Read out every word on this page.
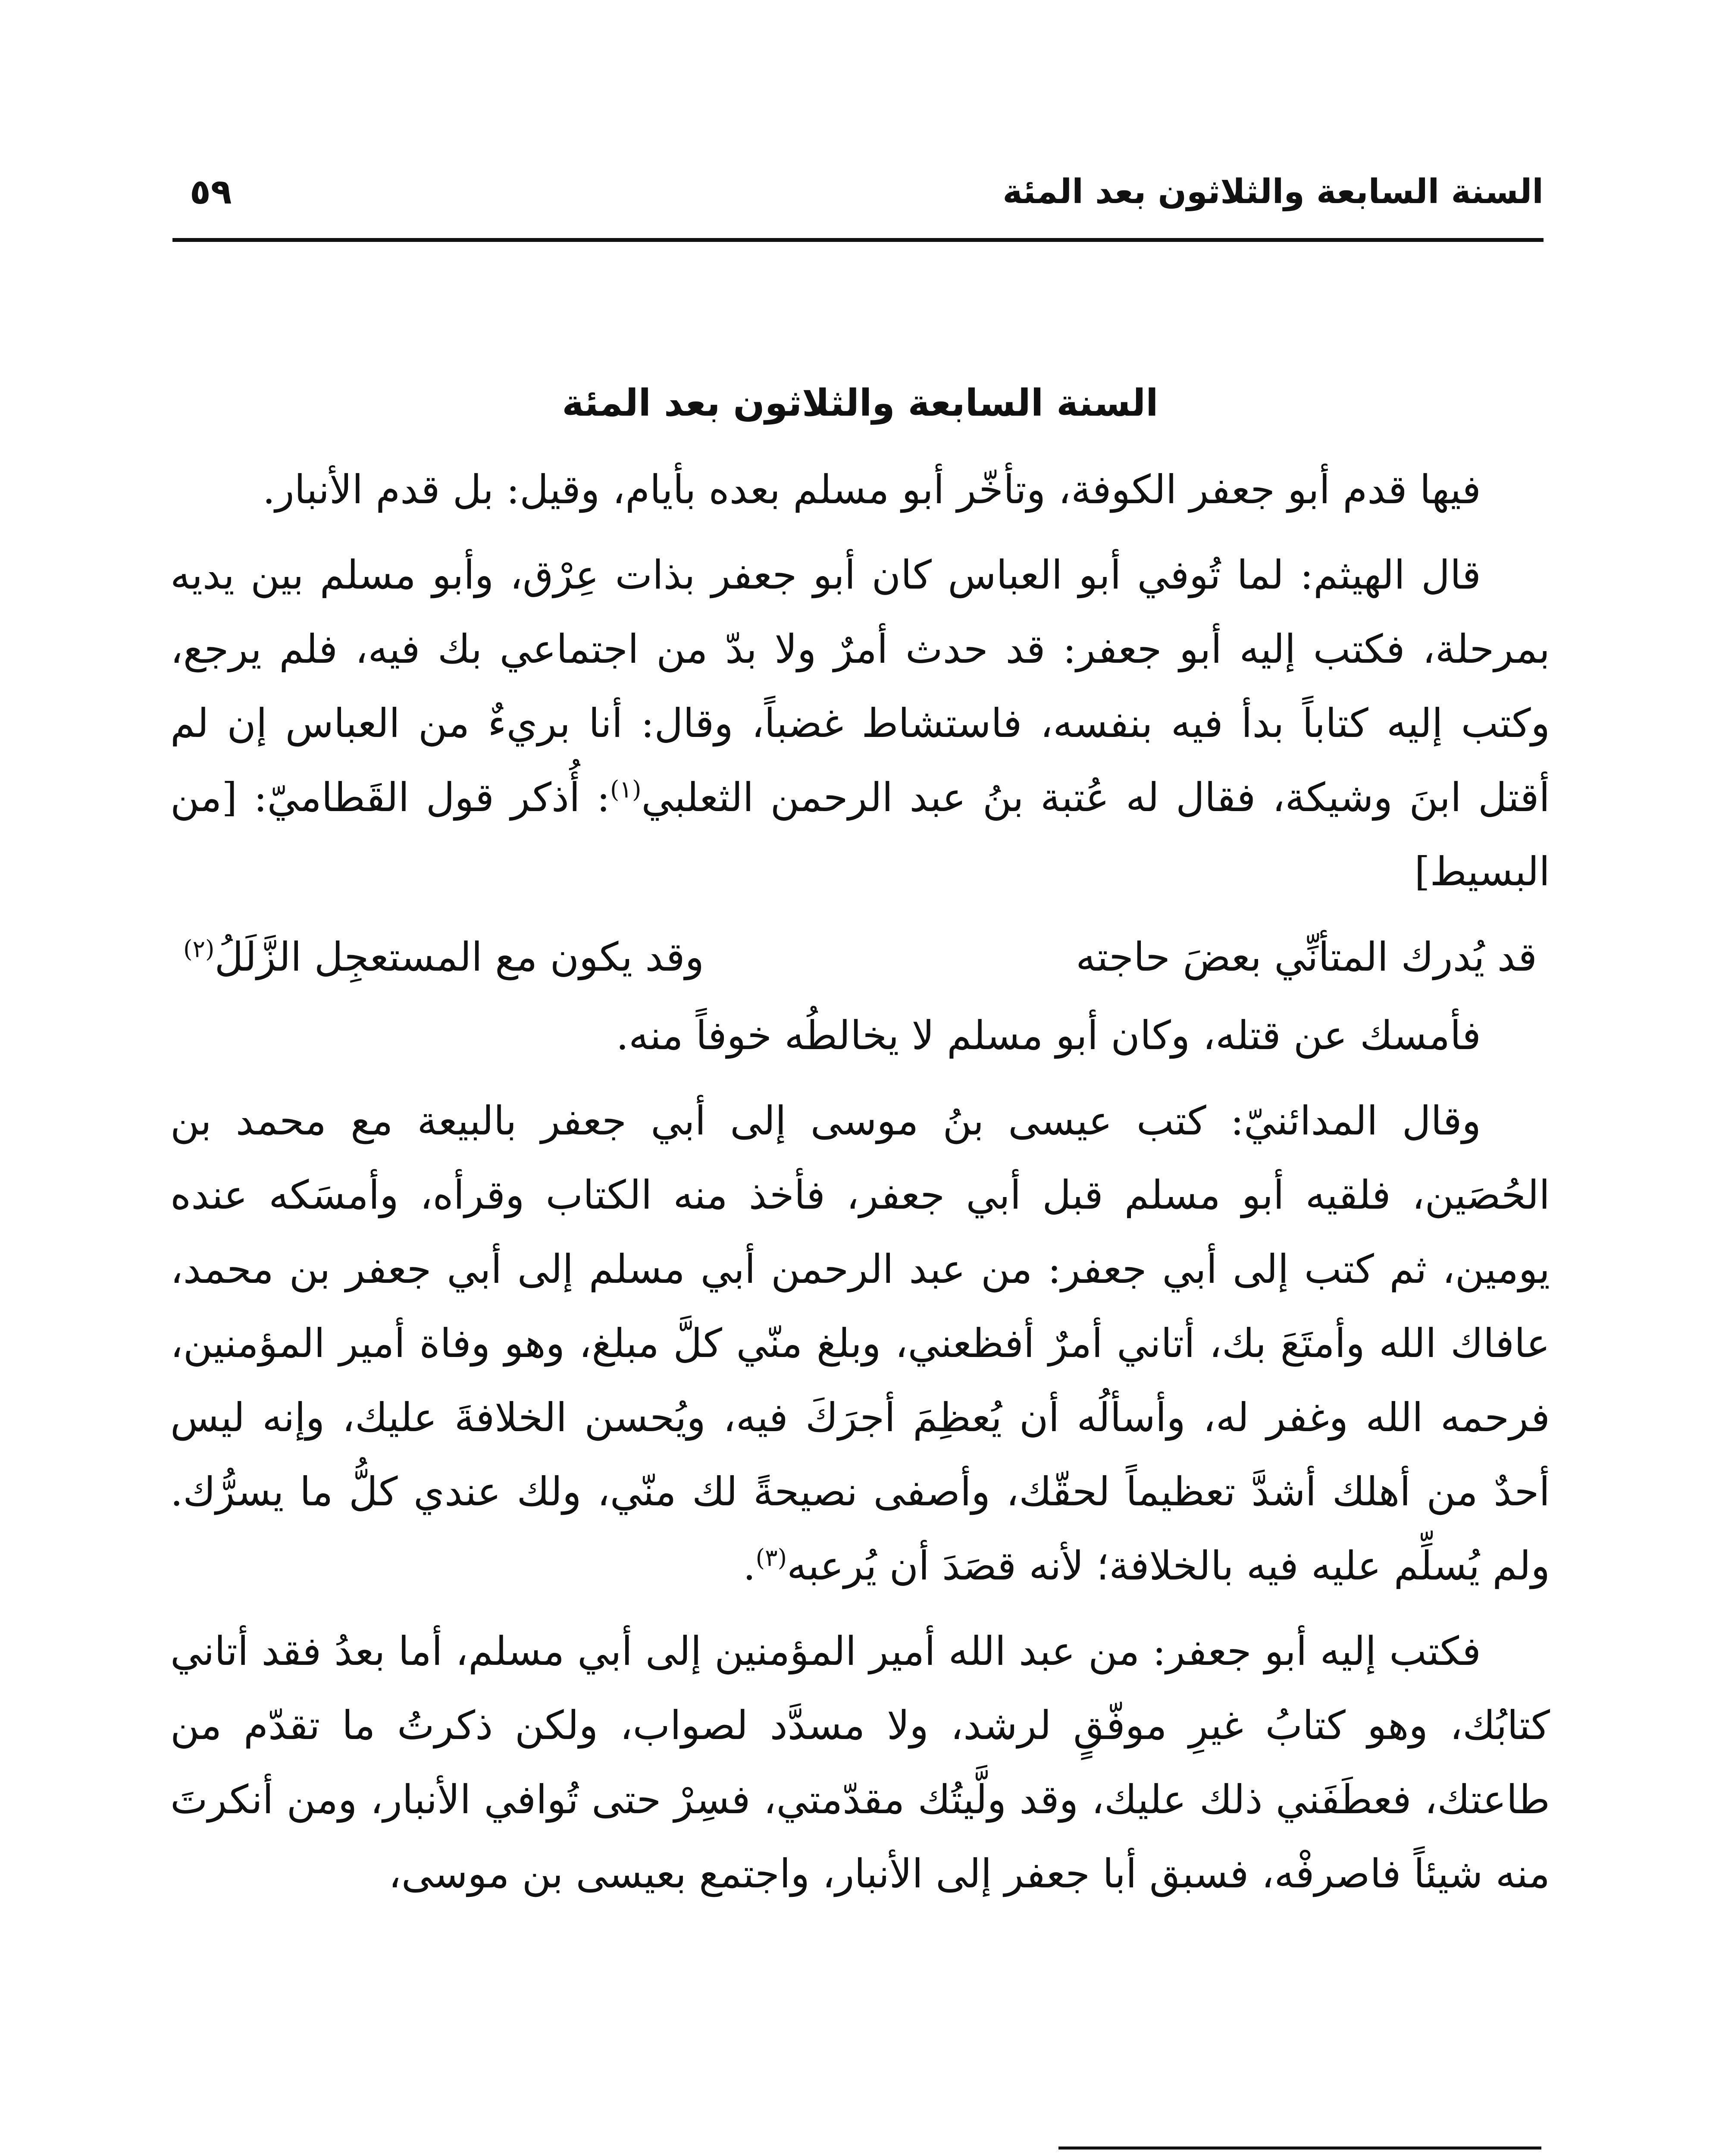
السنة السابعة والثلاثون بعد المئة
٥٩
السنة السابعة والثلاثون بعد المئة

فيها قدم أبو جعفر الكوفة، وتأخّر أبو مسلم بعده بأيام، وقيل: بل قدم الأنبار.

قال الهيثم: لما تُوفي أبو العباس كان أبو جعفر بذات عِرْق، وأبو مسلم بين يديه بمرحلة، فكتب إليه أبو جعفر: قد حدث أمرٌ ولا بدّ من اجتماعي بك فيه، فلم يرجع، وكتب إليه كتاباً بدأ فيه بنفسه، فاستشاط غضباً، وقال: أنا بريءٌ من العباس إن لم أقتل ابنَ وشيكة، فقال له عُتبة بنُ عبد الرحمن الثعلبي$^{(١)}$: أُذكر قول القَطاميّ: [من البسيط]

قد يُدرك المتأنِّي بعضَ حاجته
وقد يكون مع المستعجِل الزَّلَلُ$^{(٢)}$

فأمسك عن قتله، وكان أبو مسلم لا يخالطُه خوفاً منه.

وقال المدائنيّ: كتب عيسى بنُ موسى إلى أبي جعفر بالبيعة مع محمد بن الحُصَين، فلقيه أبو مسلم قبل أبي جعفر، فأخذ منه الكتاب وقرأه، وأمسَكه عنده يومين، ثم كتب إلى أبي جعفر: من عبد الرحمن أبي مسلم إلى أبي جعفر بن محمد، عافاك الله وأمتَعَ بك، أتاني أمرٌ أفظعني، وبلغ منّي كلَّ مبلغ، وهو وفاة أمير المؤمنين، فرحمه الله وغفر له، وأسألُه أن يُعظِمَ أجرَكَ فيه، ويُحسن الخلافةَ عليك، وإنه ليس أحدٌ من أهلك أشدَّ تعظيماً لحقّك، وأصفى نصيحةً لك منّي، ولك عندي كلُّ ما يسرُّك. ولم يُسلِّم عليه فيه بالخلافة؛ لأنه قصَدَ أن يُرعبه$^{(٣)}$.

فكتب إليه أبو جعفر: من عبد الله أمير المؤمنين إلى أبي مسلم، أما بعدُ فقد أتاني كتابُك، وهو كتابُ غيرِ موفّقٍ لرشد، ولا مسدَّد لصواب، ولكن ذكرتُ ما تقدّم من طاعتك، فعطَفَني ذلك عليك، وقد ولَّيتُك مقدّمتي، فسِرْ حتى تُوافي الأنبار، ومن أنكرتَ منه شيئاً فاصرفْه، فسبق أبا جعفر إلى الأنبار، واجتمع بعيسى بن موسى،
